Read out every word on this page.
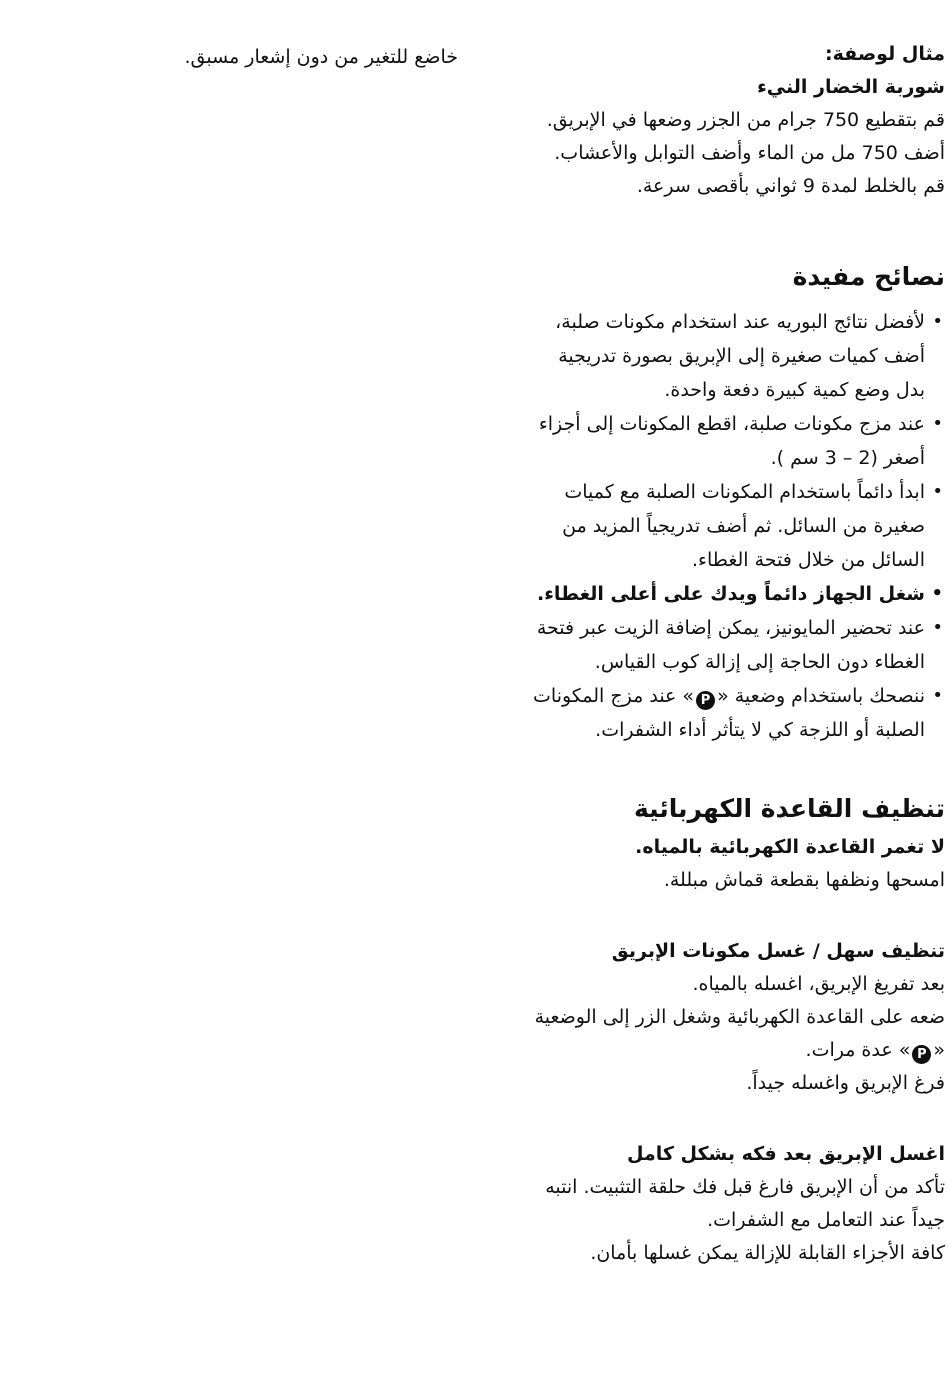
خاضع للتغير من دون إشعار مسبق.	مثال لوصفة:
شوربة الخضار النيء
قم بتقطيع 750 جرام من الجزر وضعها في الإبريق.
أضف 750 مل من الماء وأضف التوابل والأعشاب.
قم بالخلط لمدة 9 ثواني بأقصى سرعة.
نصائح مفيدة
• لأفضل نتائج البوريه عند استخدام مكونات صلبة،
أضف كميات صغيرة إلى الإبريق بصورة تدريجية
بدل وضع كمية كبيرة دفعة واحدة.
• عند مزج مكونات صلبة، اقطع المكونات إلى أجزاء
أصغر (2 – 3 سم ).
• ابدأ دائماً باستخدام المكونات الصلبة مع كميات
صغيرة من السائل. ثم أضف تدريجياً المزيد من
السائل من خلال فتحة الغطاء.
• شغل الجهاز دائماً ويدك على أعلى الغطاء.
• عند تحضير المايونيز، يمكن إضافة الزيت عبر فتحة
الغطاء دون الحاجة إلى إزالة كوب القياس.
• ننصحك باستخدام وضعية «P» عند مزج المكونات
الصلبة أو اللزجة كي لا يتأثر أداء الشفرات.
تنظيف القاعدة الكهربائية
لا تغمر القاعدة الكهربائية بالمياه.
امسحها ونظفها بقطعة قماش مبللة.
تنظيف سهل / غسل مكونات الإبريق
بعد تفريغ الإبريق، اغسله بالمياه.
ضعه على القاعدة الكهربائية وشغل الزر إلى الوضعية
«P» عدة مرات.
فرغ الإبريق واغسله جيداً.
اغسل الإبريق بعد فكه بشكل كامل
تأكد من أن الإبريق فارغ قبل فك حلقة التثبيت. انتبه
جيداً عند التعامل مع الشفرات.
كافة الأجزاء القابلة للإزالة يمكن غسلها بأمان.
